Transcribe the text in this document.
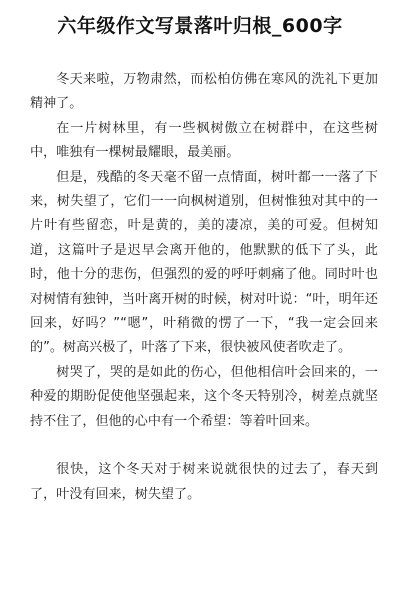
六年级作文写景落叶归根_600字

冬天来啦，万物肃然，而松柏仿佛在寒风的洗礼下更加精神了。

在一片树林里，有一些枫树傲立在树群中，在这些树中，唯独有一棵树最耀眼，最美丽。

但是，残酷的冬天毫不留一点情面，树叶都一一落了下来，树失望了，它们一一向枫树道别，但树惟独对其中的一片叶有些留恋，叶是黄的，美的凄凉，美的可爱。但树知道，这篇叶子是迟早会离开他的，他默默的低下了头，此时，他十分的悲伤，但强烈的爱的呼吁刺痛了他。同时叶也对树情有独钟，当叶离开树的时候，树对叶说：“叶，明年还回来，好吗？”“嗯”，叶稍微的愣了一下，“我一定会回来的”。树高兴极了，叶落了下来，很快被风使者吹走了。

树哭了，哭的是如此的伤心，但他相信叶会回来的，一种爱的期盼促使他坚强起来，这个冬天特别冷，树差点就坚持不住了，但他的心中有一个希望：等着叶回来。

很快，这个冬天对于树来说就很快的过去了，春天到了，叶没有回来，树失望了。
